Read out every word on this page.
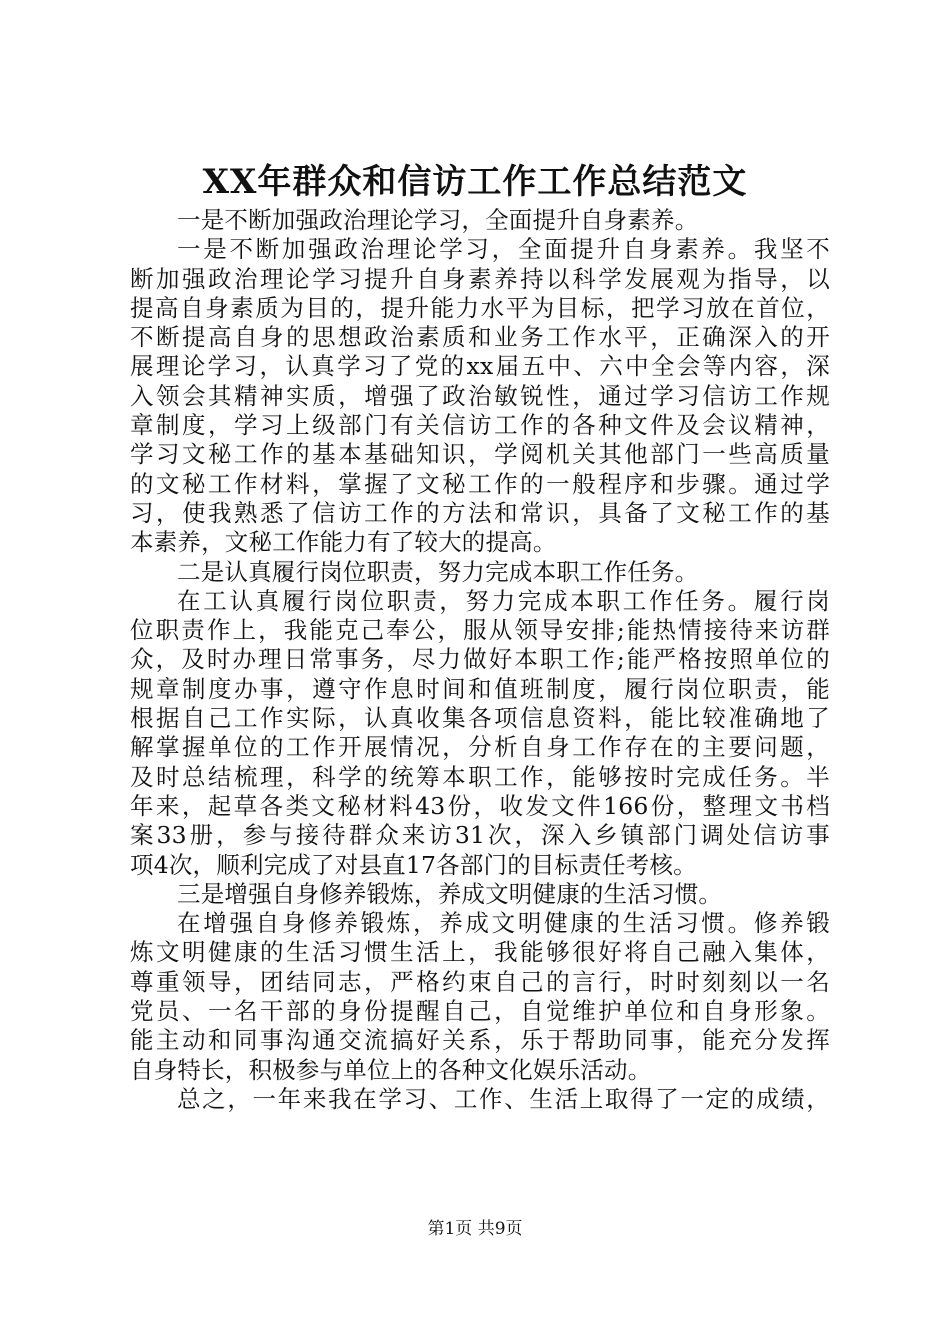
XX年群众和信访工作工作总结范文
一是不断加强政治理论学习，全面提升自身素养。
一是不断加强政治理论学习，全面提升自身素养。我坚不
断加强政治理论学习提升自身素养持以科学发展观为指导，以
提高自身素质为目的，提升能力水平为目标，把学习放在首位，
不断提高自身的思想政治素质和业务工作水平，正确深入的开
展理论学习，认真学习了党的xx届五中、六中全会等内容，深
入领会其精神实质，增强了政治敏锐性，通过学习信访工作规
章制度，学习上级部门有关信访工作的各种文件及会议精神，
学习文秘工作的基本基础知识，学阅机关其他部门一些高质量
的文秘工作材料，掌握了文秘工作的一般程序和步骤。通过学
习，使我熟悉了信访工作的方法和常识，具备了文秘工作的基
本素养，文秘工作能力有了较大的提高。
二是认真履行岗位职责，努力完成本职工作任务。
在工认真履行岗位职责，努力完成本职工作任务。履行岗
位职责作上，我能克己奉公，服从领导安排;能热情接待来访群
众，及时办理日常事务，尽力做好本职工作;能严格按照单位的
规章制度办事，遵守作息时间和值班制度，履行岗位职责，能
根据自己工作实际，认真收集各项信息资料，能比较准确地了
解掌握单位的工作开展情况，分析自身工作存在的主要问题，
及时总结梳理，科学的统筹本职工作，能够按时完成任务。半
年来，起草各类文秘材料43份，收发文件166份，整理文书档
案33册，参与接待群众来访31次，深入乡镇部门调处信访事
项4次，顺利完成了对县直17各部门的目标责任考核。
三是增强自身修养锻炼，养成文明健康的生活习惯。
在增强自身修养锻炼，养成文明健康的生活习惯。修养锻
炼文明健康的生活习惯生活上，我能够很好将自己融入集体，
尊重领导，团结同志，严格约束自己的言行，时时刻刻以一名
党员、一名干部的身份提醒自己，自觉维护单位和自身形象。
能主动和同事沟通交流搞好关系，乐于帮助同事，能充分发挥
自身特长，积极参与单位上的各种文化娱乐活动。
总之，一年来我在学习、工作、生活上取得了一定的成绩，
第1页 共9页
